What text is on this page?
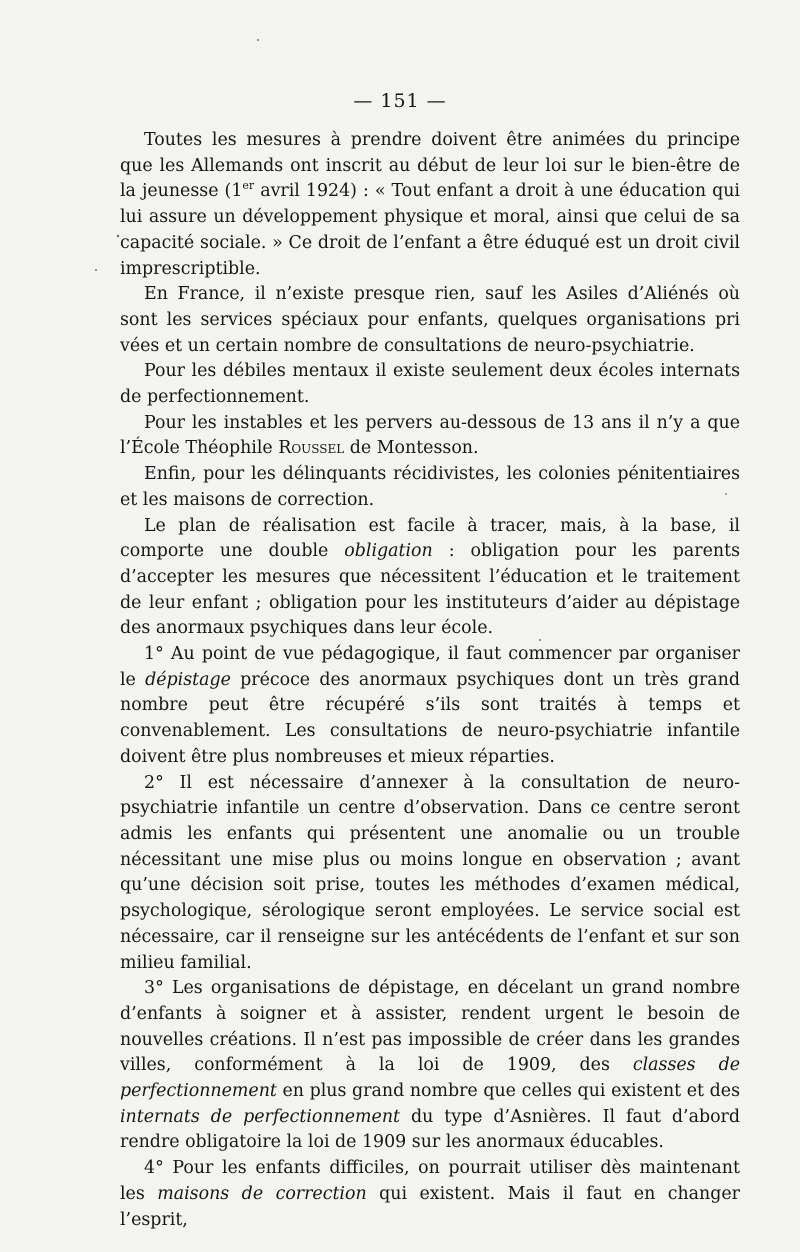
— 151 —

Toutes les mesures à prendre doivent être animées du principe que les Allemands ont inscrit au début de leur loi sur le bien-être de la jeunesse (1er avril 1924) : « Tout enfant a droit à une éducation qui lui assure un développement physique et moral, ainsi que celui de sa capacité sociale. » Ce droit de l’enfant a être éduqué est un droit civil imprescriptible.

En France, il n’existe presque rien, sauf les Asiles d’Aliénés où sont les services spéciaux pour enfants, quelques organisations pri vées et un certain nombre de consultations de neuro-psychiatrie.

Pour les débiles mentaux il existe seulement deux écoles internats de perfectionnement.

Pour les instables et les pervers au-dessous de 13 ans il n’y a que l’École Théophile Roussel de Montesson.

Enfin, pour les délinquants récidivistes, les colonies pénitentiaires et les maisons de correction.

Le plan de réalisation est facile à tracer, mais, à la base, il comporte une double obligation : obligation pour les parents d’accepter les mesures que nécessitent l’éducation et le traitement de leur enfant ; obligation pour les instituteurs d’aider au dépistage des anormaux psychiques dans leur école.

1° Au point de vue pédagogique, il faut commencer par organiser le dépistage précoce des anormaux psychiques dont un très grand nombre peut être récupéré s’ils sont traités à temps et convenablement. Les consultations de neuro-psychiatrie infantile doivent être plus nombreuses et mieux réparties.

2° Il est nécessaire d’annexer à la consultation de neuro-psychiatrie infantile un centre d’observation. Dans ce centre seront admis les enfants qui présentent une anomalie ou un trouble nécessitant une mise plus ou moins longue en observation ; avant qu’une décision soit prise, toutes les méthodes d’examen médical, psychologique, sérologique seront employées. Le service social est nécessaire, car il renseigne sur les antécédents de l’enfant et sur son milieu familial.

3° Les organisations de dépistage, en décelant un grand nombre d’enfants à soigner et à assister, rendent urgent le besoin de nouvelles créations. Il n’est pas impossible de créer dans les grandes villes, conformément à la loi de 1909, des classes de perfectionnement en plus grand nombre que celles qui existent et des internats de perfectionnement du type d’Asnières. Il faut d’abord rendre obligatoire la loi de 1909 sur les anormaux éducables.

4° Pour les enfants difficiles, on pourrait utiliser dès maintenant les maisons de correction qui existent. Mais il faut en changer l’esprit,
